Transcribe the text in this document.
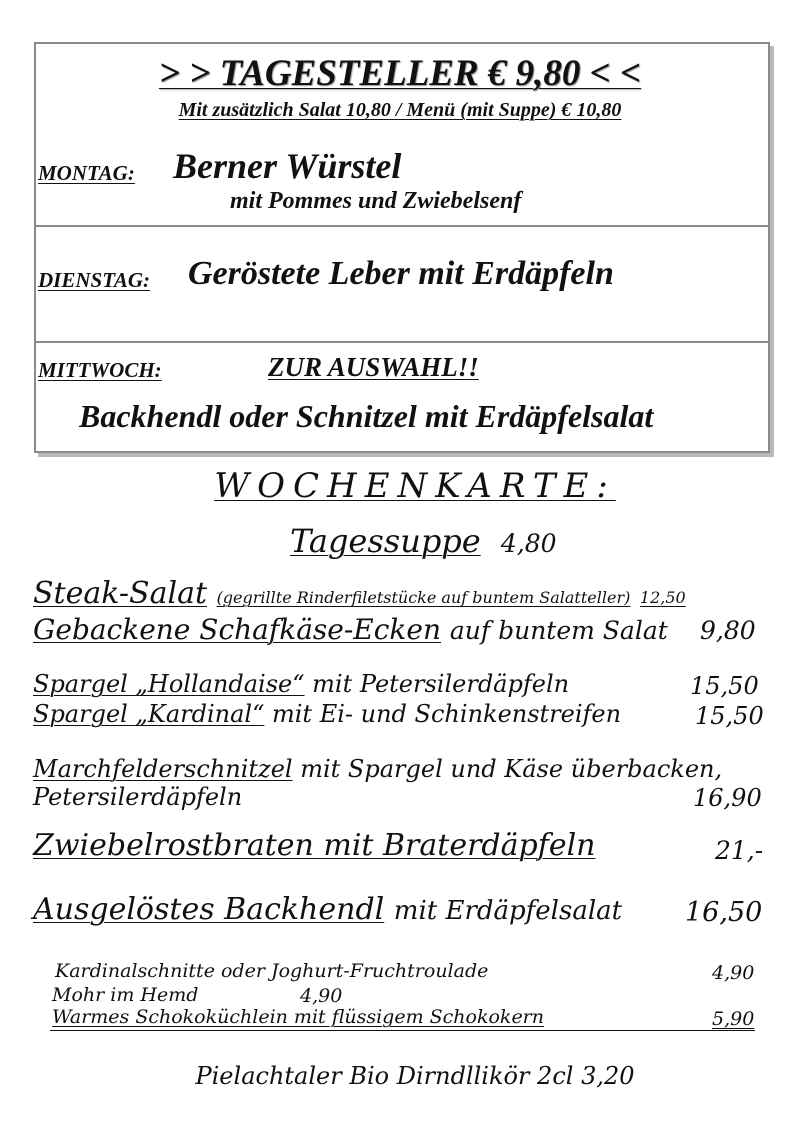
> > TAGESTELLER € 9,80 < <
Mit zusätzlich Salat 10,80 / Menü (mit Suppe) € 10,80
MONTAG: Berner Würstel
mit Pommes und Zwiebelsenf
DIENSTAG: Geröstete Leber mit Erdäpfeln
MITTWOCH:	ZUR AUSWAHL!!
Backhendl oder Schnitzel mit Erdäpfelsalat
WOCHENKARTE:
Tagessuppe 4,80
Steak-Salat (gegrillte Rinderfiletstücke auf buntem Salatteller) 12,50
Gebackene Schafkäse-Ecken auf buntem Salat 9,80
Spargel „Hollandaise“ mit Petersilerdäpfeln	15,50
Spargel „Kardinal“ mit Ei- und Schinkenstreifen	15,50
Marchfelderschnitzel mit Spargel und Käse überbacken,
Petersilerdäpfeln	16,90
Zwiebelrostbraten mit Braterdäpfeln	21,-
Ausgelöstes Backhendl mit Erdäpfelsalat 16,50
Kardinalschnitte oder Joghurt-Fruchtroulade	4,90
Mohr im Hemd	4,90
Warmes Schokoküchlein mit flüssigem Schokokern	5,90
Pielachtaler Bio Dirndllikör 2cl 3,20
